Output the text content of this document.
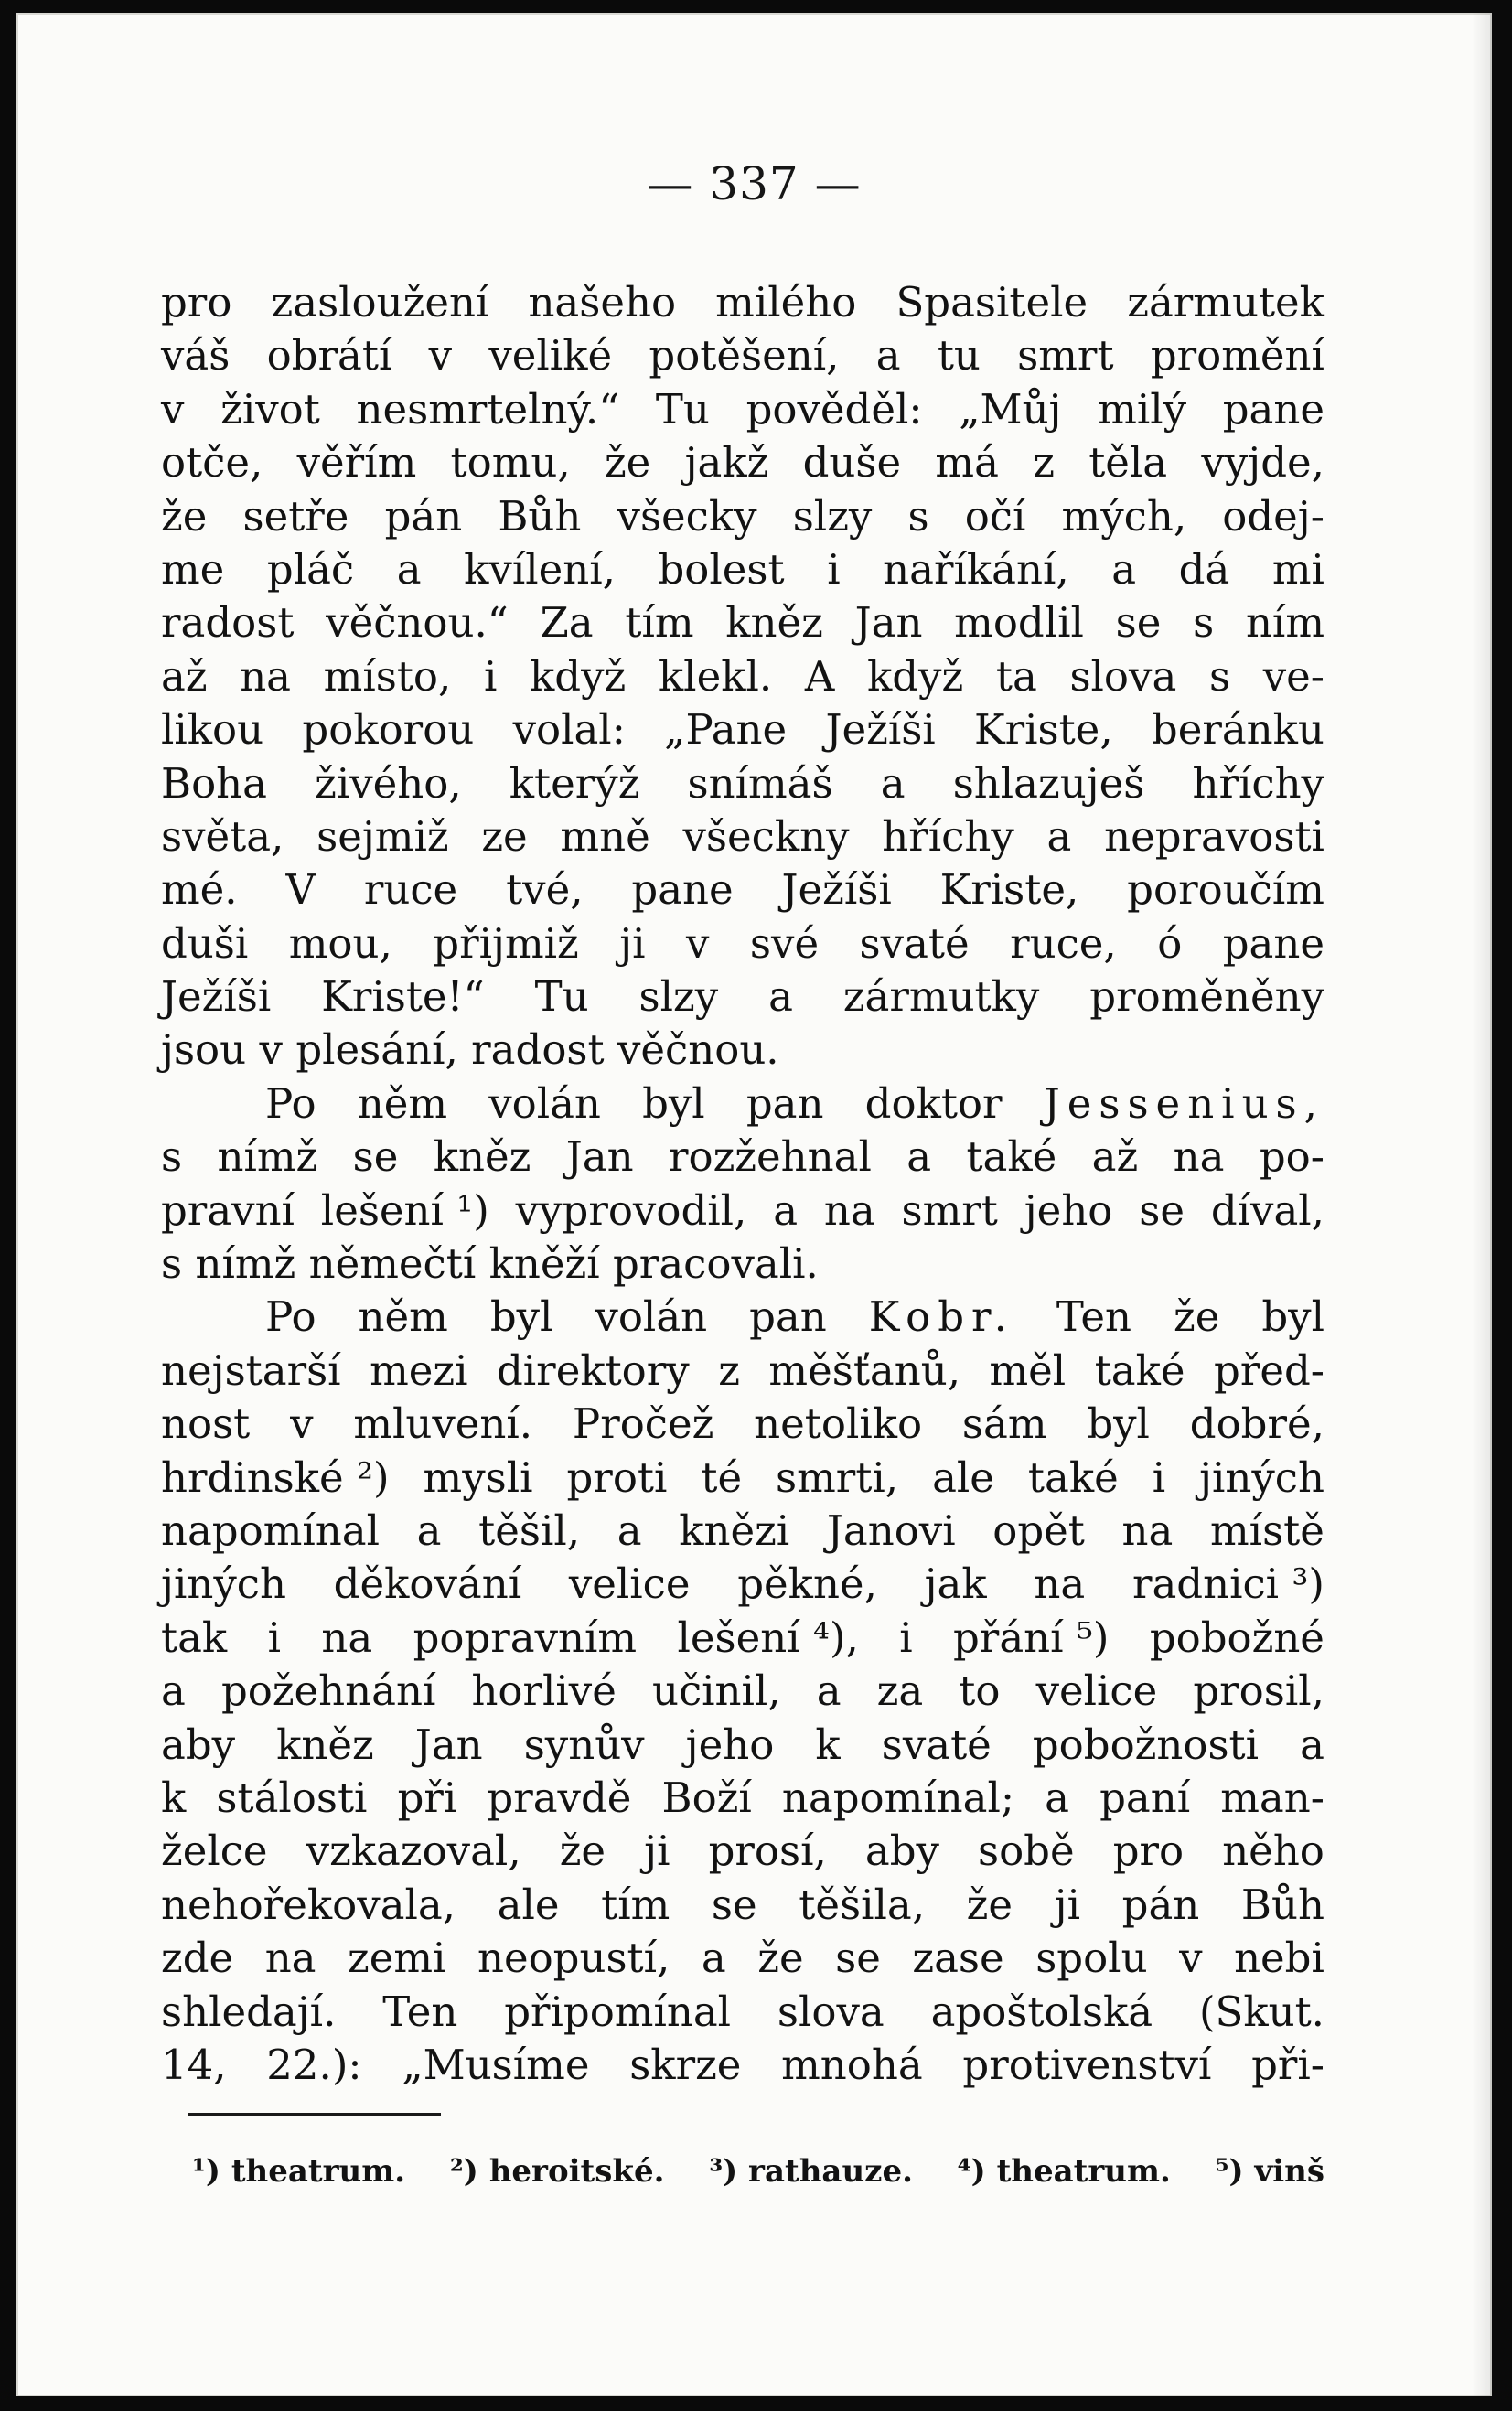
— 337 —
pro zasloužení našeho milého Spasitele zármutek
váš obrátí v veliké potěšení, a tu smrt promění
v život nesmrtelný.“ Tu pověděl: „Můj milý pane
otče, věřím tomu, že jakž duše má z těla vyjde,
že setře pán Bůh všecky slzy s očí mých, odej-
me pláč a kvílení, bolest i naříkání, a dá mi
radost věčnou.“ Za tím kněz Jan modlil se s ním
až na místo, i když klekl. A když ta slova s ve-
likou pokorou volal: „Pane Ježíši Kriste, beránku
Boha živého, kterýž snímáš a shlazuješ hříchy
světa, sejmiž ze mně všeckny hříchy a nepravosti
mé. V ruce tvé, pane Ježíši Kriste, poroučím
duši mou, přijmiž ji v své svaté ruce, ó pane
Ježíši Kriste!“ Tu slzy a zármutky proměněny
jsou v plesání, radost věčnou.
Po něm volán byl pan doktor Jessenius,
s nímž se kněz Jan rozžehnal a také až na po-
pravní lešení ¹) vyprovodil, a na smrt jeho se díval,
s nímž němečtí kněží pracovali.
Po něm byl volán pan Kobr. Ten že byl
nejstarší mezi direktory z měšťanů, měl také před-
nost v mluvení. Pročež netoliko sám byl dobré,
hrdinské ²) mysli proti té smrti, ale také i jiných
napomínal a těšil, a knězi Janovi opět na místě
jiných děkování velice pěkné, jak na radnici ³)
tak i na popravním lešení ⁴), i přání ⁵) pobožné
a požehnání horlivé učinil, a za to velice prosil,
aby kněz Jan synův jeho k svaté pobožnosti a
k stálosti při pravdě Boží napomínal; a paní man-
želce vzkazoval, že ji prosí, aby sobě pro něho
nehořekovala, ale tím se těšila, že ji pán Bůh
zde na zemi neopustí, a že se zase spolu v nebi
shledají. Ten připomínal slova apoštolská (Skut.
14, 22.): „Musíme skrze mnohá protivenství při-
¹) theatrum. ²) heroitské. ³) rathauze. ⁴) theatrum. ⁵) vinš
